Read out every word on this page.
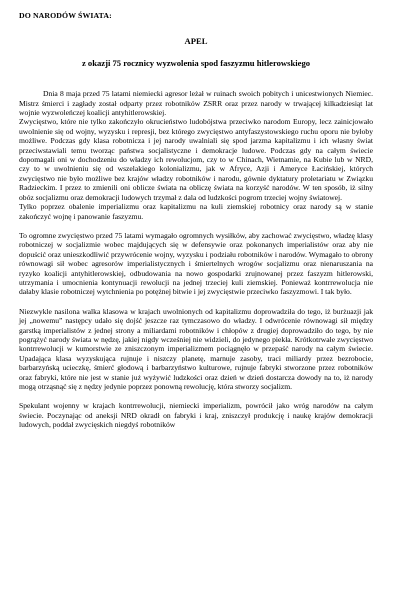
DO NARODÓW ŚWIATA:
APEL
z okazji 75 rocznicy wyzwolenia spod faszyzmu hitlerowskiego

Dnia 8 maja przed 75 latami niemiecki agresor leżał w ruinach swoich pobitych i unicestwionych Niemiec. Mistrz śmierci i zagłady został odparty przez robotników ZSRR oraz przez narody w trwającej kilkadziesiąt lat wojnie wyzwoleńczej koalicji antyhitlerowskiej.

Zwycięstwo, które nie tylko zakończyło okrucieństwo ludobójstwa przeciwko narodom Europy, lecz zainicjowało uwolnienie się od wojny, wyzysku i represji, bez którego zwycięstwo antyfaszystowskiego ruchu oporu nie byłoby możliwe. Podczas gdy klasa robotnicza i jej narody uwalniali się spod jarzma kapitalizmu i ich własny świat przeciwstawiali temu tworząc państwa socjalistyczne i demokracje ludowe. Podczas gdy na całym świecie dopomagali oni w dochodzeniu do władzy ich rewolucjom, czy to w Chinach, Wietnamie, na Kubie lub w NRD, czy to w uwolnieniu się od wszelakiego kolonializmu, jak w Afryce, Azji i Ameryce Łacińskiej, których zwycięstwo nie było możliwe bez krajów władzy robotników i narodu, gównie dyktatury proletariatu w Związku Radzieckim. I przez to zmienili oni oblicze świata na obliczę świata na korzyść narodów. W ten sposób, iż silny obóz socjalizmu oraz demokracji ludowych trzymał z dala od ludzkości pogrom trzeciej wojny światowej.

Tylko poprzez obalenie imperializmu oraz kapitalizmu na kuli ziemskiej robotnicy oraz narody są w stanie zakończyć wojnę i panowanie faszyzmu.

To ogromne zwycięstwo przed 75 latami wymagało ogromnych wysiłków, aby zachować zwycięstwo, władzę klasy robotniczej w socjalizmie wobec majdujących się w defensywie oraz pokonanych imperialistów oraz aby nie dopuścić oraz unieszkodliwić przywrócenie wojny, wyzysku i podziału robotników i narodów. Wymagało to obrony równowagi sił wobec agresorów imperialistycznych i śmiertelnych wrogów socjalizmu oraz nienaruszania na ryzyko koalicji antyhitlerowskiej, odbudowania na nowo gospodarki zrujnowanej przez faszyzm hitlerowski, utrzymania i umocnienia kontynuacji rewolucji na jednej trzeciej kuli ziemskiej. Ponieważ kontrrewolucja nie dałaby klasie robotniczej wytchnienia po potężnej bitwie i jej zwycięstwie przeciwko faszyzmowi. I tak było.

Niezwykle nasilona walka klasowa w krajach uwolnionych od kapitalizmu doprowadziła do tego, iż burżuazji jak jej „nowemu” następcy udało się dojść jeszcze raz tymczasowo do władzy. I odwrócenie równowagi sił między garstką imperialistów z jednej strony a miliardami robotników i chłopów z drugiej doprowadziło do tego, by nie pogrążyć narody świata w nędzę, jakiej nigdy wcześniej nie widzieli, do jedynego piekła. Krótkotrwałe zwycięstwo kontrrewolucji w kumorstwie ze zniszczonym imperializmem pociągnęło w przepaść narody na całym świecie. Upadająca klasa wyzyskująca rujnuje i niszczy planetę, marnuje zasoby, traci miliardy przez bezrobocie, barbarzyńską ucieczkę, śmierć głodową i barbarzyństwo kulturowe, rujnuje fabryki stworzone przez robotników oraz fabryki, które nie jest w stanie już wyżywić ludzkości oraz dzień w dzień dostarcza dowody na to, iż narody mogą otrząsnąć się z nędzy jedynie poprzez ponowną rewolucję, która stworzy socjalizm.

Spekulant wojenny w krajach kontrrewolucji, niemiecki imperializm, powrócił jako wróg narodów na całym świecie. Poczynając od aneksji NRD okradł on fabryki i kraj, zniszczył produkcję i naukę krajów demokracji ludowych, poddał zwycięskich niegdyś robotników
